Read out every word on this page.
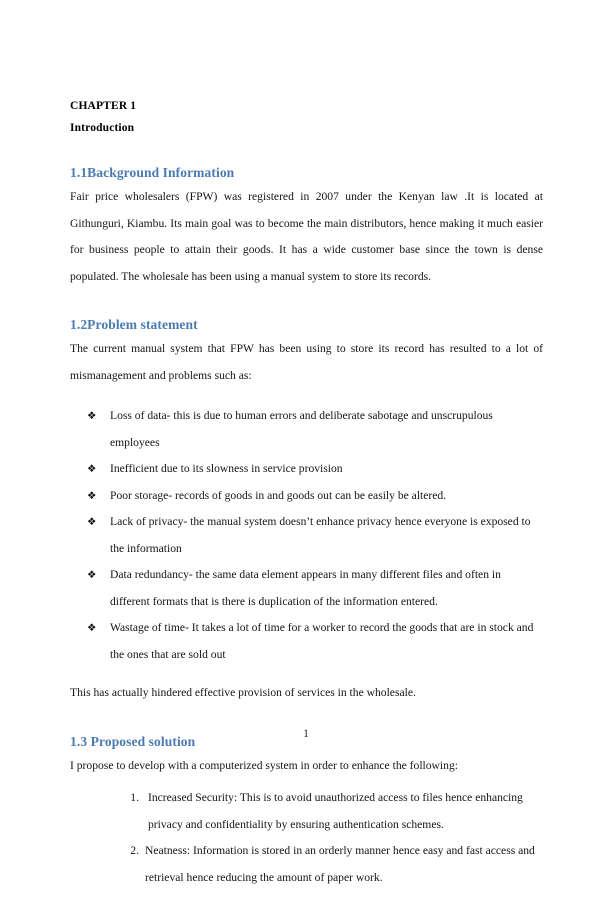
CHAPTER 1
Introduction
1.1Background Information

Fair price wholesalers (FPW) was registered in 2007 under the Kenyan law .It is located at Githunguri, Kiambu. Its main goal was to become the main distributors, hence making it much easier for business people to attain their goods. It has a wide customer base since the town is dense populated. The wholesale has been using a manual system to store its records.

1.2Problem statement

The current manual system that FPW has been using to store its record has resulted to a lot of mismanagement and problems such as:

❖ Loss of data- this is due to human errors and deliberate sabotage and unscrupulous employees
❖ Inefficient due to its slowness in service provision
❖ Poor storage- records of goods in and goods out can be easily be altered.
❖ Lack of privacy- the manual system doesn’t enhance privacy hence everyone is exposed to the information
❖ Data redundancy- the same data element appears in many different files and often in different formats that is there is duplication of the information entered.
❖ Wastage of time- It takes a lot of time for a worker to record the goods that are in stock and the ones that are sold out

This has actually hindered effective provision of services in the wholesale.

1.3 Proposed solution

I propose to develop with a computerized system in order to enhance the following:

1. Increased Security: This is to avoid unauthorized access to files hence enhancing privacy and confidentiality by ensuring authentication schemes.
2. Neatness: Information is stored in an orderly manner hence easy and fast access and retrieval hence reducing the amount of paper work.
1
